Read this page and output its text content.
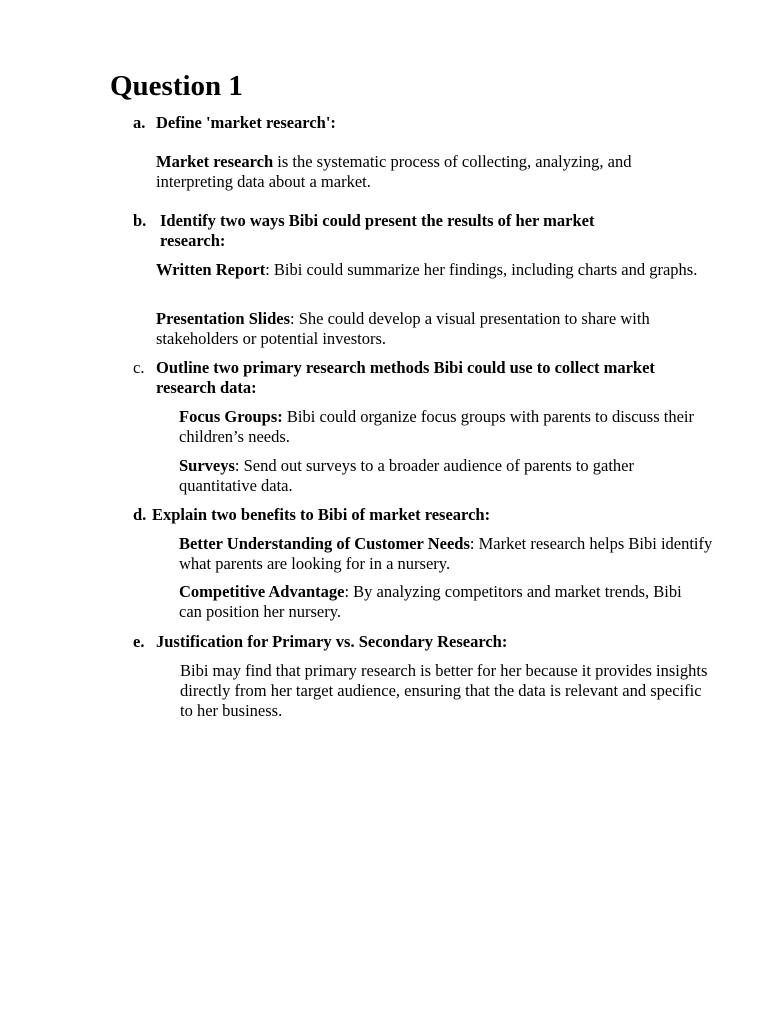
Question 1
a. Define 'market research':
Market research is the systematic process of collecting, analyzing, and interpreting data about a market.
b. Identify two ways Bibi could present the results of her market research:
Written Report: Bibi could summarize her findings, including charts and graphs.
Presentation Slides: She could develop a visual presentation to share with stakeholders or potential investors.
c. Outline two primary research methods Bibi could use to collect market research data:
Focus Groups: Bibi could organize focus groups with parents to discuss their children’s needs.
Surveys: Send out surveys to a broader audience of parents to gather quantitative data.
d. Explain two benefits to Bibi of market research:
Better Understanding of Customer Needs: Market research helps Bibi identify what parents are looking for in a nursery.
Competitive Advantage: By analyzing competitors and market trends, Bibi can position her nursery.
e. Justification for Primary vs. Secondary Research:
Bibi may find that primary research is better for her because it provides insights directly from her target audience, ensuring that the data is relevant and specific to her business.
